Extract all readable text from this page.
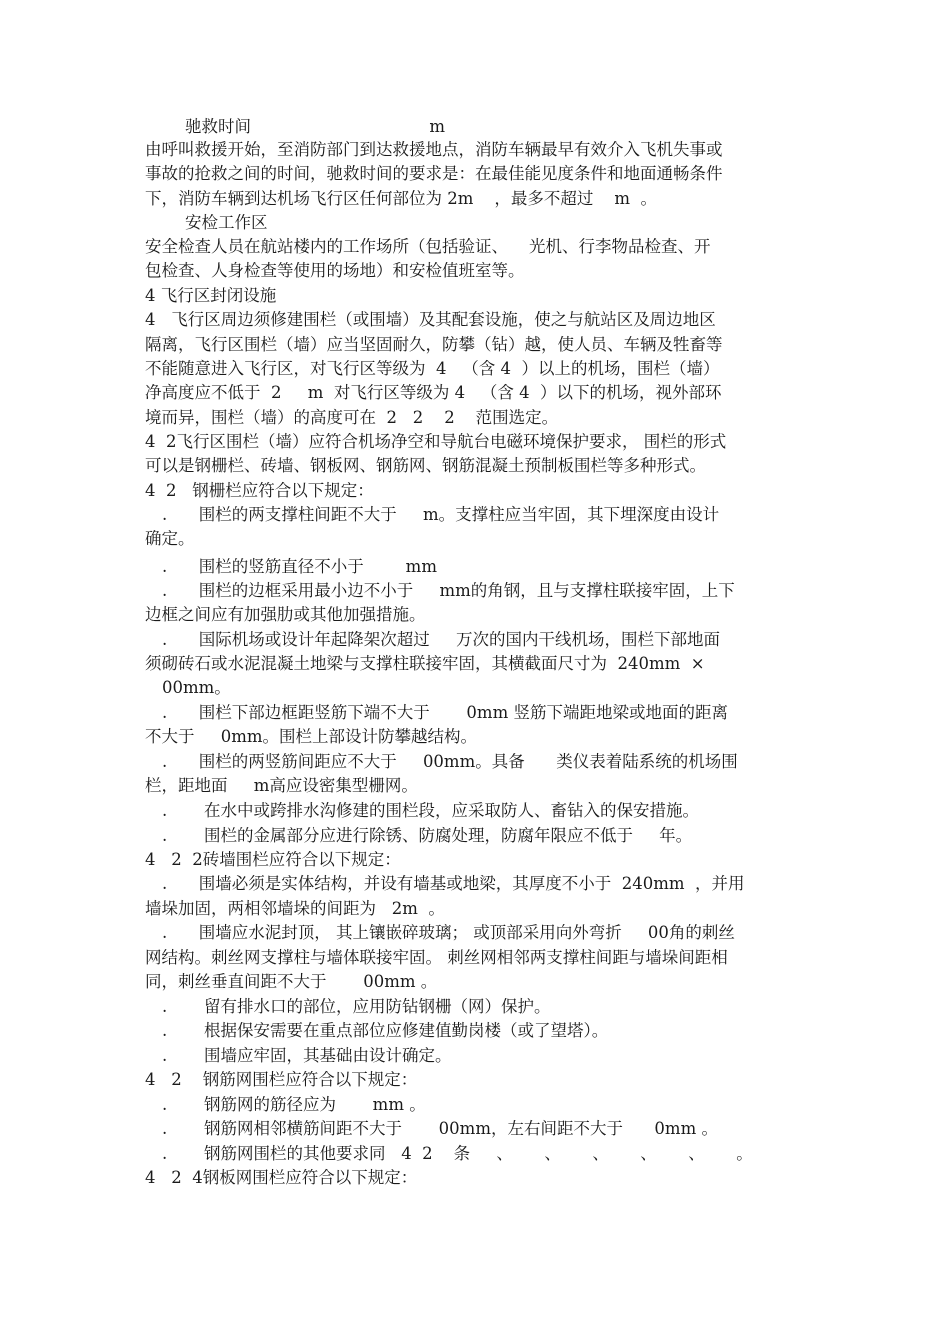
驰救时间                                  m
由呼叫救援开始，至消防部门到达救援地点，消防车辆最早有效介入飞机失事或
事故的抢救之间的时间，驰救时间的要求是：在最佳能见度条件和地面通畅条件
下，消防车辆到达机场飞行区任何部位为 2m    ，最多不超过    m  。
安检工作区
安全检查人员在航站楼内的工作场所（包括验证、    光机、行李物品检查、开
包检查、人身检查等使用的场地）和安检值班室等。
4 飞行区封闭设施
4   飞行区周边须修建围栏（或围墙）及其配套设施，使之与航站区及周边地区
隔离，飞行区围栏（墙）应当坚固耐久，防攀（钻）越，使人员、车辆及牲畜等
不能随意进入飞行区，对飞行区等级为  4   （含 4  ）以上的机场，围栏（墙）
净高度应不低于  2     m  对飞行区等级为 4   （含 4  ）以下的机场，视外部环
境而异，围栏（墙）的高度可在  2   2    2    范围选定。
4  2飞行区围栏（墙）应符合机场净空和导航台电磁环境保护要求， 围栏的形式
可以是钢栅栏、砖墙、钢板网、钢筋网、钢筋混凝土预制板围栏等多种形式。
4  2   钢栅栏应符合以下规定：
.      围栏的两支撑柱间距不大于     m。支撑柱应当牢固，其下埋深度由设计
确定。
.      围栏的竖筋直径不小于        mm
.      围栏的边框采用最小边不小于     mm的角钢，且与支撑柱联接牢固，上下
边框之间应有加强肋或其他加强措施。
.      国际机场或设计年起降架次超过     万次的国内干线机场，围栏下部地面
须砌砖石或水泥混凝土地梁与支撑柱联接牢固，其横截面尺寸为  240mm  ×
00mm。
.      围栏下部边框距竖筋下端不大于       0mm 竖筋下端距地梁或地面的距离
不大于     0mm。围栏上部设计防攀越结构。
.      围栏的两竖筋间距应不大于     00mm。具备      类仪表着陆系统的机场围
栏，距地面     m高应设密集型栅网。
.       在水中或跨排水沟修建的围栏段，应采取防人、畜钻入的保安措施。
.       围栏的金属部分应进行除锈、防腐处理，防腐年限应不低于     年。
4   2  2砖墙围栏应符合以下规定：
.      围墙必须是实体结构，并设有墙基或地梁，其厚度不小于  240mm  ，并用
墙垛加固，两相邻墙垛的间距为   2m  。
.      围墙应水泥封顶， 其上镶嵌碎玻璃； 或顶部采用向外弯折     00角的刺丝
网结构。刺丝网支撑柱与墙体联接牢固。 刺丝网相邻两支撑柱间距与墙垛间距相
同，刺丝垂直间距不大于       00mm 。
.       留有排水口的部位，应用防钻钢栅（网）保护。
.       根据保安需要在重点部位应修建值勤岗楼（或了望塔）。
.       围墙应牢固，其基础由设计确定。
4   2    钢筋网围栏应符合以下规定：
.       钢筋网的筋径应为       mm 。
.       钢筋网相邻横筋间距不大于       00mm，左右间距不大于      0mm 。
.       钢筋网围栏的其他要求同   4  2    条     、      、      、      、      、      。
4   2  4钢板网围栏应符合以下规定：
